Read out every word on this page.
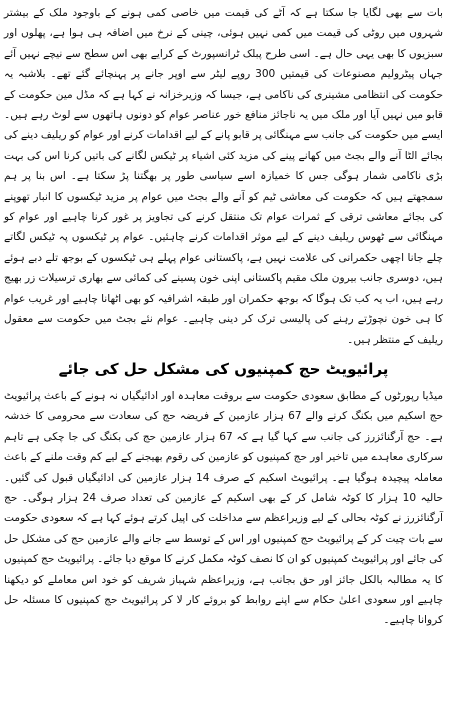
بات سے بھی لگایا جا سکتا ہے کہ آٹے کی قیمت میں خاصی کمی ہونے کے باوجود ملک کے بیشتر شہروں میں روٹی کی قیمت میں کمی نہیں ہوئی، چینی کے نرخ میں اضافہ ہی ہوا ہے، پھلوں اور سبزیوں کا بھی یہی حال ہے۔ اسی طرح پبلک ٹرانسپورٹ کے کرایے بھی اس سطح سے نیچے نہیں آئے جہاں پیٹرولیم مصنوعات کی قیمتیں 300 روپے لیٹر سے اوپر جانے پر پہنچائے گئے تھے۔ بلاشبہ یہ حکومت کی انتظامی مشینری کی ناکامی ہے، جیسا کہ وزیرخزانہ نے کہا ہے کہ مڈل مین حکومت کے قابو میں نہیں آیا اور ملک میں یہ ناجائز منافع خور عناصر عوام کو دونوں ہاتھوں سے لوٹ رہے ہیں۔ ایسے میں حکومت کی جانب سے مہنگائی پر قابو پانے کے لیے اقدامات کرنے اور عوام کو ریلیف دینے کی بجائے الٹا آنے والے بجٹ میں کھانے پینے کی مزید کئی اشیاء پر ٹیکس لگانے کی باتیں کرنا اس کی بہت بڑی ناکامی شمار ہوگی جس کا خمیازہ اسے سیاسی طور پر بھگتنا پڑ سکتا ہے۔ اس بنا پر ہم سمجھتے ہیں کہ حکومت کی معاشی ٹیم کو آنے والے بجٹ میں عوام پر مزید ٹیکسوں کا انبار تھوپنے کی بجائے معاشی ترقی کے ثمرات عوام تک منتقل کرنے کی تجاویز پر غور کرنا چاہیے اور عوام کو مہنگائی سے ٹھوس ریلیف دینے کے لیے موثر اقدامات کرنے چاہئیں۔ عوام پر ٹیکسوں پہ ٹیکس لگاتے چلے جانا اچھی حکمرانی کی علامت نہیں ہے، پاکستانی عوام پہلے ہی ٹیکسوں کے بوجھ تلے دبے ہوئے ہیں، دوسری جانب بیرون ملک مقیم پاکستانی اپنی خون پسینے کی کمائی سے بھاری ترسیلات زر بھیج رہے ہیں، اب یہ کب تک ہوگا کہ بوجھ حکمران اور طبقہ اشرافیہ کو بھی اٹھانا چاہیے اور غریب عوام کا ہی خون نچوڑتے رہنے کی پالیسی ترک کر دینی چاہیے۔ عوام نئے بجٹ میں حکومت سے معقول ریلیف کے منتظر ہیں۔

پرائیویٹ حج کمپنیوں کی مشکل حل کی جائے

میڈیا رپورٹوں کے مطابق سعودی حکومت سے بروقت معاہدہ اور ادائیگیاں نہ ہونے کے باعث پرائیویٹ حج اسکیم میں بکنگ کرنے والے 67 ہزار عازمین کے فریضہ حج کی سعادت سے محرومی کا خدشہ ہے۔ حج آرگنائزرز کی جانب سے کہا گیا ہے کہ 67 ہزار عازمین حج کی بکنگ کی جا چکی ہے تاہم سرکاری معاہدے میں تاخیر اور حج کمپنیوں کو عازمین کی رقوم بھیجنے کے لیے کم وقت ملنے کے باعث معاملہ پیچیدہ ہوگیا ہے۔ پرائیویٹ اسکیم کے صرف 14 ہزار عازمین کی ادائیگیاں قبول کی گئیں۔ حالیہ 10 ہزار کا کوٹہ شامل کر کے بھی اسکیم کے عازمین کی تعداد صرف 24 ہزار ہوگی۔ حج آرگنائزرز نے کوٹہ بحالی کے لیے وزیراعظم سے مداخلت کی اپیل کرتے ہوئے کہا ہے کہ سعودی حکومت سے بات چیت کر کے پرائیویٹ حج کمپنیوں اور اس کے توسط سے جانے والے عازمین حج کی مشکل حل کی جائے اور پرائیویٹ کمپنیوں کو ان کا نصف کوٹہ مکمل کرنے کا موقع دیا جائے۔ پرائیویٹ حج کمپنیوں کا یہ مطالبہ بالکل جائز اور حق بجانب ہے، وزیراعظم شہباز شریف کو خود اس معاملے کو دیکھنا چاہیے اور سعودی اعلیٰ حکام سے اپنے روابط کو بروئے کار لا کر پرائیویٹ حج کمپنیوں کا مسئلہ حل کروانا چاہیے۔
